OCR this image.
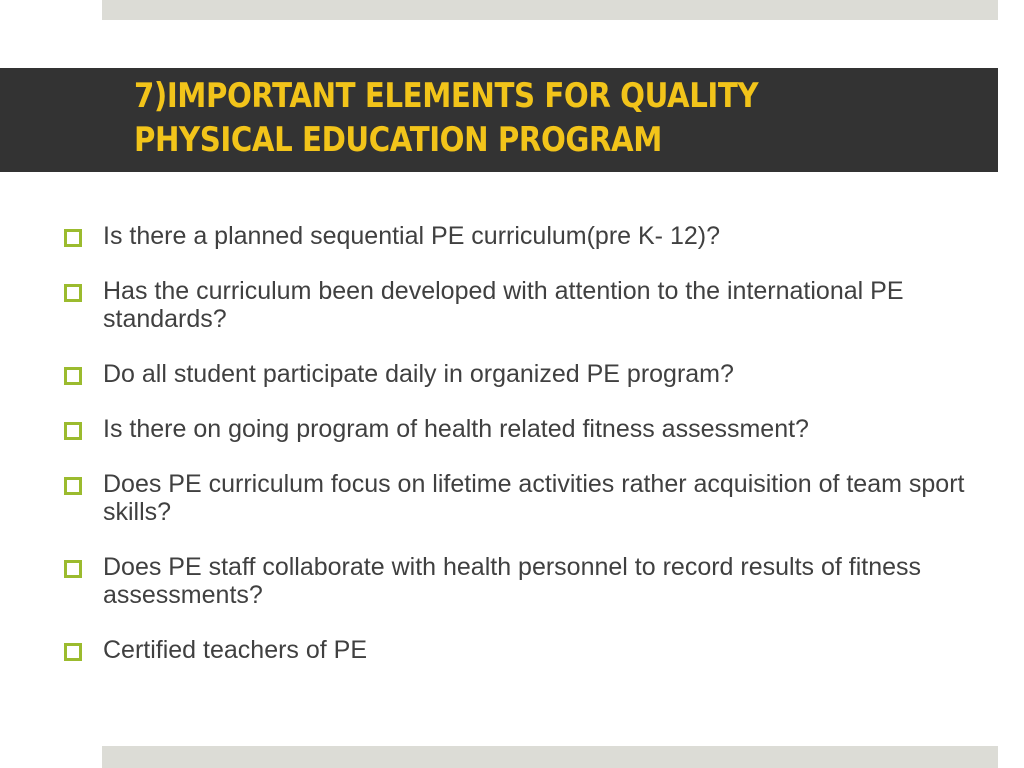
7)IMPORTANT ELEMENTS FOR QUALITY
PHYSICAL EDUCATION PROGRAM
Is there a planned sequential PE curriculum(pre K- 12)?
Has the curriculum been developed with attention to the international PE standards?
Do all student participate daily in organized PE program?
Is there on going program of health related fitness assessment?
Does PE curriculum focus on lifetime activities rather acquisition of team sport skills?
Does PE staff collaborate with health personnel to record results of fitness assessments?
Certified teachers of PE
